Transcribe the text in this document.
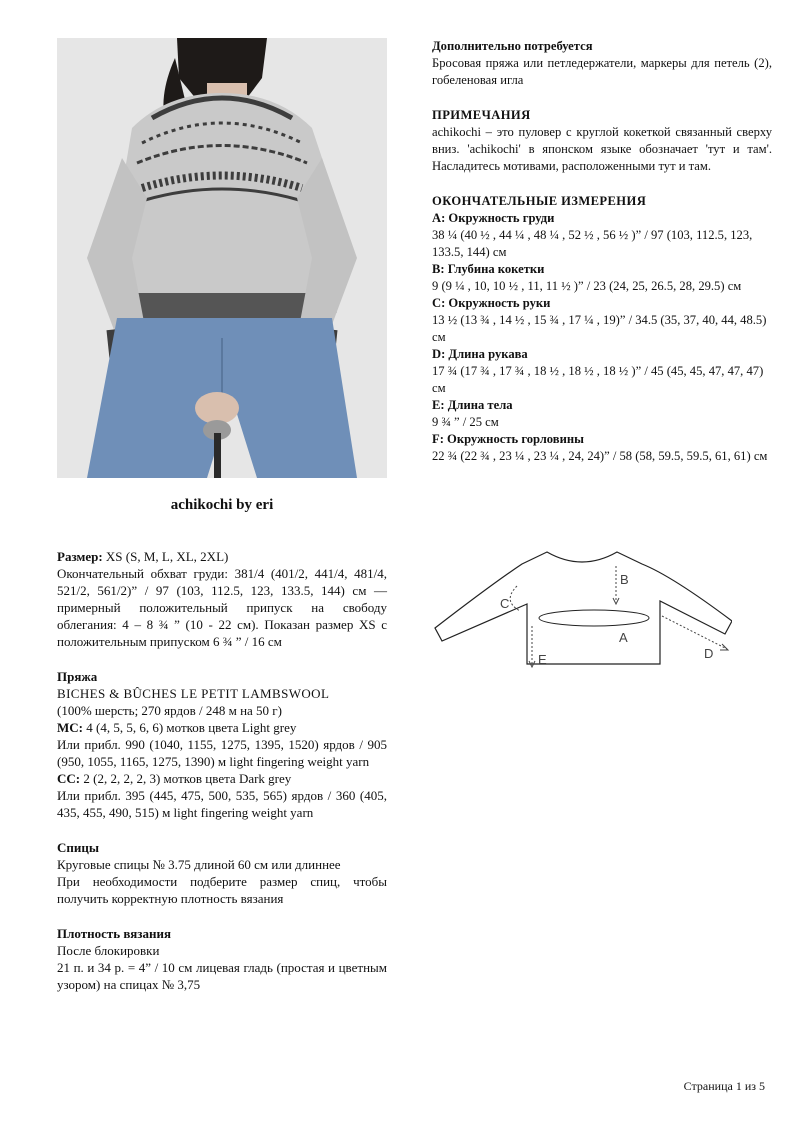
achikochi by eri

Размер: XS (S, M, L, XL, 2XL)

Окончательный обхват груди: 381/4 (401/2, 441/4, 481/4, 521/2, 561/2)” / 97 (103, 112.5, 123, 133.5, 144) см — примерный положительный припуск на свободу облегания: 4 – 8 ¾ ” (10 - 22 см). Показан размер XS с положительным припуском 6 ¾ ” / 16 см

Пряжа

BICHES & BÛCHES LE PETIT LAMBSWOOL

(100% шерсть; 270 ярдов / 248 м на 50 г)

MC: 4 (4, 5, 5, 6, 6) мотков цвета Light grey

Или прибл. 990 (1040, 1155, 1275, 1395, 1520) ярдов / 905 (950, 1055, 1165, 1275, 1390) м light fingering weight yarn

CC: 2 (2, 2, 2, 2, 3) мотков цвета Dark grey

Или прибл. 395 (445, 475, 500, 535, 565) ярдов / 360 (405, 435, 455, 490, 515) м light fingering weight yarn

Спицы

Круговые спицы № 3.75 длиной 60 см или длиннее

При необходимости подберите размер спиц, чтобы получить корректную плотность вязания

Плотность вязания

После блокировки

21 п. и 34 р. = 4” / 10 см лицевая гладь (простая и цветным узором) на спицах № 3,75

Дополнительно потребуется

Бросовая пряжа или петледержатели, маркеры для петель (2), гобеленовая игла

ПРИМЕЧАНИЯ

achikochi – это пуловер с круглой кокеткой связанный сверху вниз. 'achikochi' в японском языке обозначает 'тут и там'. Насладитесь мотивами, расположенными тут и там.

ОКОНЧАТЕЛЬНЫЕ ИЗМЕРЕНИЯ

A: Окружность груди

38 ¼ (40 ½ , 44 ¼ , 48 ¼ , 52 ½ , 56 ½ )” / 97 (103, 112.5, 123, 133.5, 144) см

B: Глубина кокетки

9 (9 ¼ , 10, 10 ½ , 11, 11 ½ )” / 23 (24, 25, 26.5, 28, 29.5) см

C: Окружность руки

13 ½ (13 ¾ , 14 ½ , 15 ¾ , 17 ¼ , 19)” / 34.5 (35, 37, 40, 44, 48.5) см

D: Длина рукава

17 ¾ (17 ¾ , 17 ¾ , 18 ½ , 18 ½ , 18 ½ )” / 45 (45, 45, 47, 47, 47) см

E: Длина тела

9 ¾ ” / 25 см

F: Окружность горловины

22 ¾ (22 ¾ , 23 ¼ , 23 ¼ , 24, 24)” / 58 (58, 59.5, 59.5, 61, 61) см

A
B
C
D
E
Страница 1 из 5
